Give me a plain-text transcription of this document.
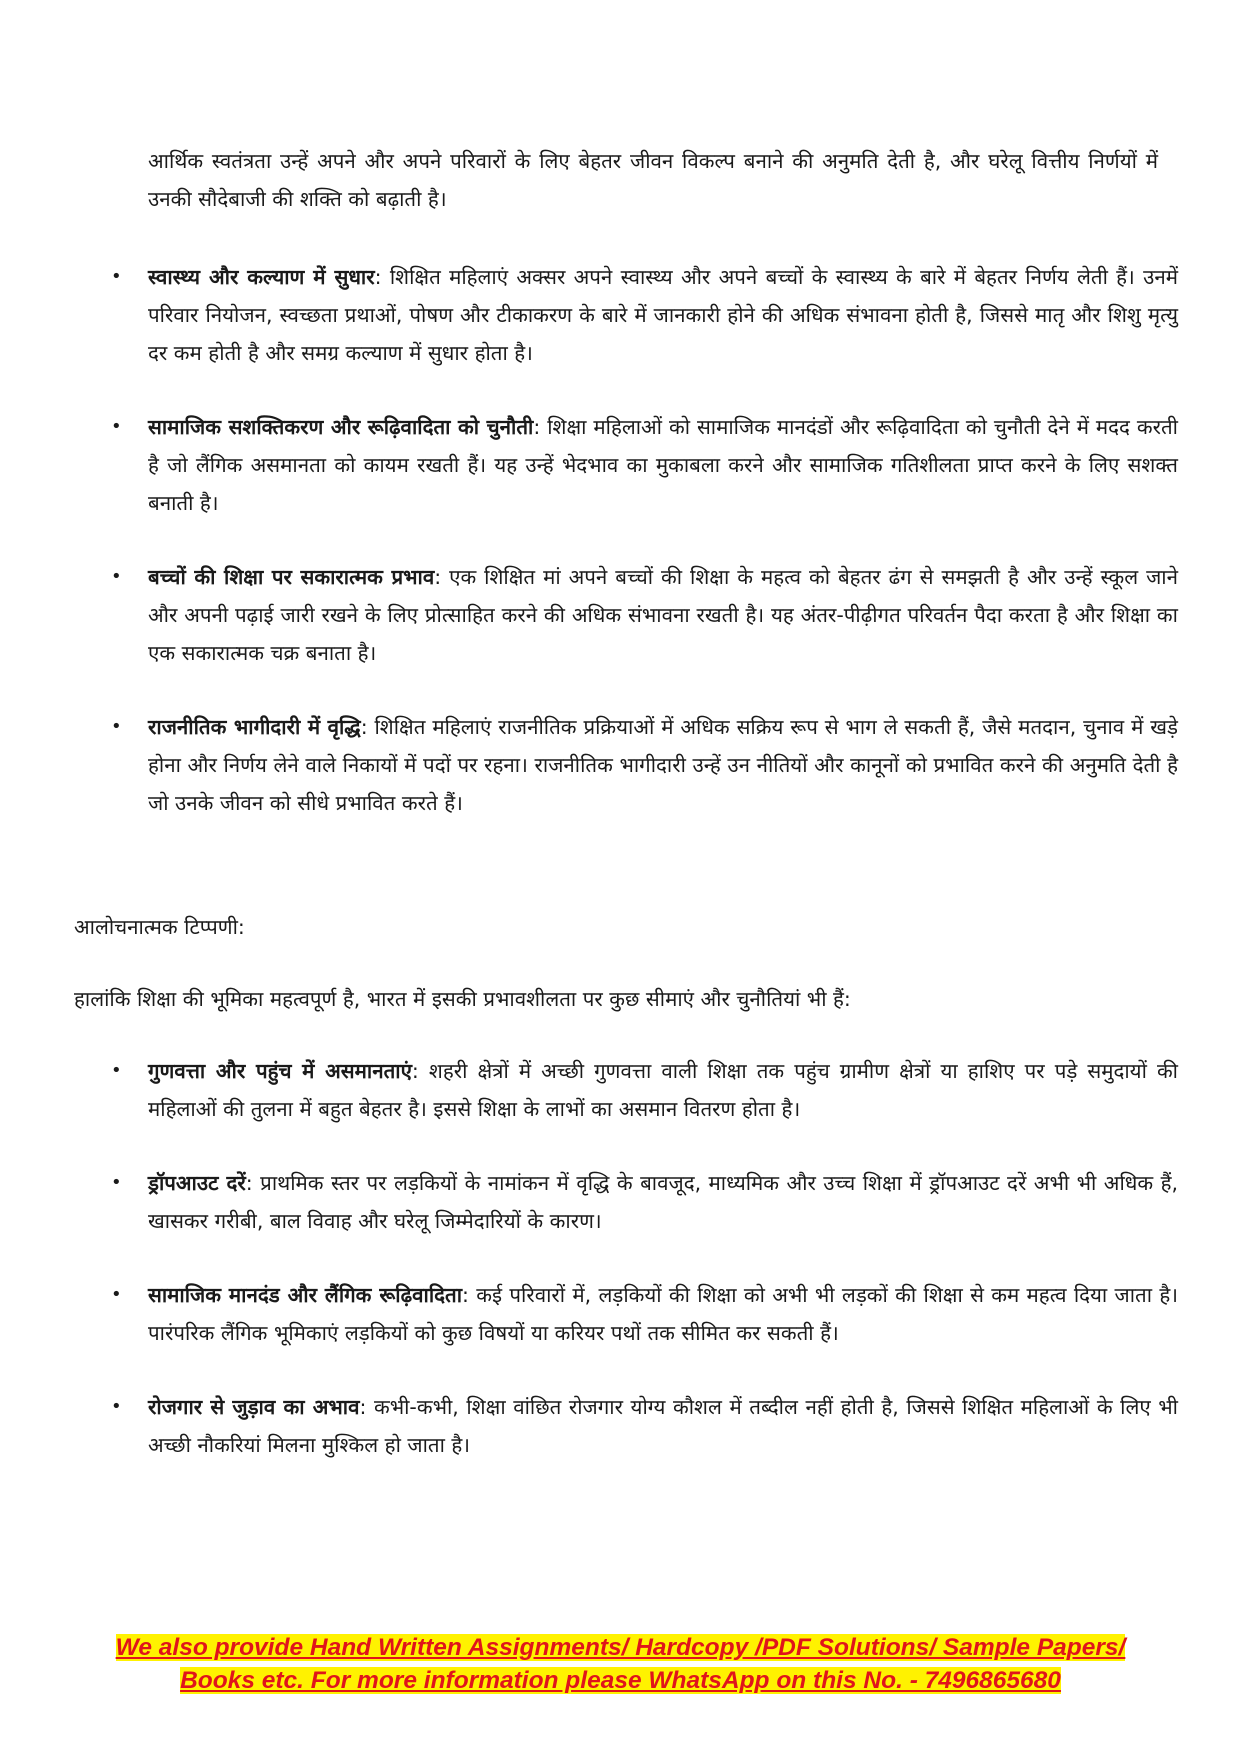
आर्थिक स्वतंत्रता उन्हें अपने और अपने परिवारों के लिए बेहतर जीवन विकल्प बनाने की अनुमति देती है, और घरेलू वित्तीय निर्णयों में उनकी सौदेबाजी की शक्ति को बढ़ाती है।

• स्वास्थ्य और कल्याण में सुधार: शिक्षित महिलाएं अक्सर अपने स्वास्थ्य और अपने बच्चों के स्वास्थ्य के बारे में बेहतर निर्णय लेती हैं। उनमें परिवार नियोजन, स्वच्छता प्रथाओं, पोषण और टीकाकरण के बारे में जानकारी होने की अधिक संभावना होती है, जिससे मातृ और शिशु मृत्यु दर कम होती है और समग्र कल्याण में सुधार होता है।
• सामाजिक सशक्तिकरण और रूढ़िवादिता को चुनौती: शिक्षा महिलाओं को सामाजिक मानदंडों और रूढ़िवादिता को चुनौती देने में मदद करती है जो लैंगिक असमानता को कायम रखती हैं। यह उन्हें भेदभाव का मुकाबला करने और सामाजिक गतिशीलता प्राप्त करने के लिए सशक्त बनाती है।
• बच्चों की शिक्षा पर सकारात्मक प्रभाव: एक शिक्षित मां अपने बच्चों की शिक्षा के महत्व को बेहतर ढंग से समझती है और उन्हें स्कूल जाने और अपनी पढ़ाई जारी रखने के लिए प्रोत्साहित करने की अधिक संभावना रखती है। यह अंतर-पीढ़ीगत परिवर्तन पैदा करता है और शिक्षा का एक सकारात्मक चक्र बनाता है।
• राजनीतिक भागीदारी में वृद्धि: शिक्षित महिलाएं राजनीतिक प्रक्रियाओं में अधिक सक्रिय रूप से भाग ले सकती हैं, जैसे मतदान, चुनाव में खड़े होना और निर्णय लेने वाले निकायों में पदों पर रहना। राजनीतिक भागीदारी उन्हें उन नीतियों और कानूनों को प्रभावित करने की अनुमति देती है जो उनके जीवन को सीधे प्रभावित करते हैं।

आलोचनात्मक टिप्पणी:

हालांकि शिक्षा की भूमिका महत्वपूर्ण है, भारत में इसकी प्रभावशीलता पर कुछ सीमाएं और चुनौतियां भी हैं:

• गुणवत्ता और पहुंच में असमानताएं: शहरी क्षेत्रों में अच्छी गुणवत्ता वाली शिक्षा तक पहुंच ग्रामीण क्षेत्रों या हाशिए पर पड़े समुदायों की महिलाओं की तुलना में बहुत बेहतर है। इससे शिक्षा के लाभों का असमान वितरण होता है।
• ड्रॉपआउट दरें: प्राथमिक स्तर पर लड़कियों के नामांकन में वृद्धि के बावजूद, माध्यमिक और उच्च शिक्षा में ड्रॉपआउट दरें अभी भी अधिक हैं, खासकर गरीबी, बाल विवाह और घरेलू जिम्मेदारियों के कारण।
• सामाजिक मानदंड और लैंगिक रूढ़िवादिता: कई परिवारों में, लड़कियों की शिक्षा को अभी भी लड़कों की शिक्षा से कम महत्व दिया जाता है। पारंपरिक लैंगिक भूमिकाएं लड़कियों को कुछ विषयों या करियर पथों तक सीमित कर सकती हैं।
• रोजगार से जुड़ाव का अभाव: कभी-कभी, शिक्षा वांछित रोजगार योग्य कौशल में तब्दील नहीं होती है, जिससे शिक्षित महिलाओं के लिए भी अच्छी नौकरियां मिलना मुश्किल हो जाता है।
We also provide Hand Written Assignments/ Hardcopy /PDF Solutions/ Sample Papers/
Books etc. For more information please WhatsApp on this No. - 7496865680
